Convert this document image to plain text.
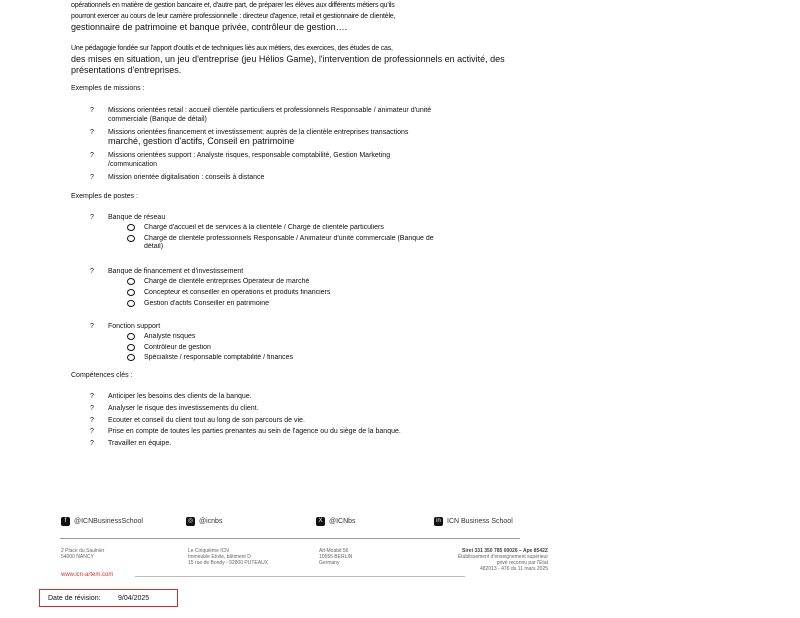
opérationnels en matière de gestion bancaire et, d'autre part, de préparer les élèves aux différents métiers qu'ils
pourront exercer au cours de leur carrière professionnelle : directeur d'agence, retail et gestionnaire de clientèle,
gestionnaire de patrimoine et banque privée, contrôleur de gestion….
Une pédagogie fondée sur l'apport d'outils et de techniques liés aux métiers, des exercices, des études de cas,
des mises en situation, un jeu d'entreprise (jeu Hélios Game), l'intervention de professionnels en activité, des
présentations d'entreprises.
Exemples de missions :
?	Missions orientées retail : accueil clientèle particuliers et professionnels Responsable / animateur d'unité
commerciale (Banque de détail)
?	Missions orientées financement et investissement: auprès de la clientèle entreprises transactions
marché, gestion d'actifs, Conseil en patrimoine
?	Missions orientées support : Analyste risques, responsable comptabilité, Gestion Marketing
/communication
?	Mission orientée digitalisation : conseils à distance
Exemples de postes :
?	Banque de réseau
Chargé d'accueil et de services à la clientèle / Chargé de clientèle particuliers
Chargé de clientèle professionnels Responsable / Animateur d'unité commerciale (Banque de
détail)
?	Banque de financement et d'investissement
Chargé de clientèle entreprises Opérateur de marché
Concepteur et conseiller en opérations et produits financiers
Gestion d'actifs Conseiller en patrimoine
?	Fonction support
Analyste risques
Contrôleur de gestion
Spécialiste / responsable comptabilité / finances
Compétences clés :
?	Anticiper les besoins des clients de la banque.
?	Analyser le risque des investissements du client.
?	Ecouter et conseil du client tout au long de son parcours de vie.
?	Prise en compte de toutes les parties prenantes au sein de l'agence ou du siège de la banque.
?	Travailler en équipe.
f	@ICNBusinessSchool	◎ @icnbs	X @ICNbs	in ICN Business School
2 Place du Saulnier
54000 NANCY
Le Cinquième ICN
Immeuble Etoile, bâtiment D
15 rue de Bondy - 92800 PUTEAUX
Alt-Moabit 56
10555 BERLIN
Germany
Siret 331 350 785 00026 – Ape 8542Z
Établissement d'enseignement supérieur
privé reconnu par l'État
482013 - 476 du 11 mars 2025
www.icn-artem.com
Date de révision: 9/04/2025
